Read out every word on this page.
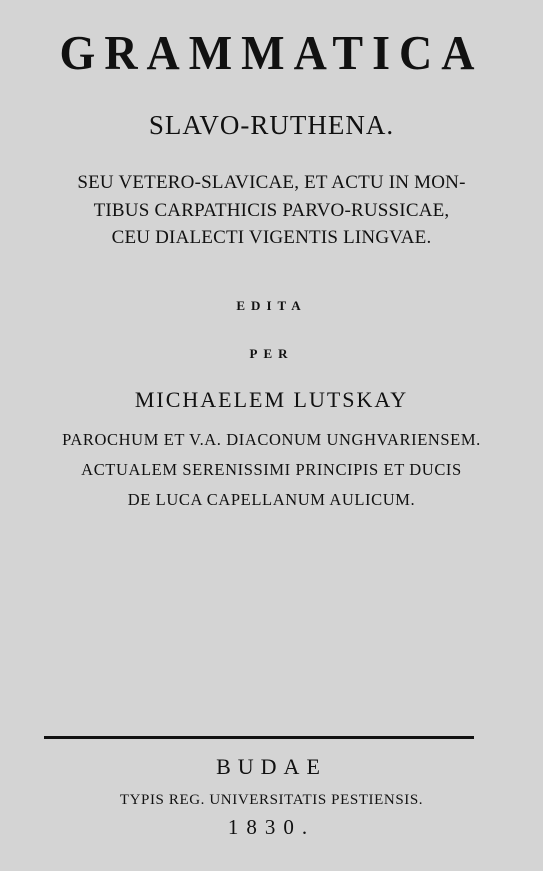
GRAMMATICA
SLAVO-RUTHENA.
SEU VETERO-SLAVICAE, ET ACTU IN MON-
TIBUS CARPATHICIS PARVO-RUSSICAE,
CEU DIALECTI VIGENTIS LINGVAE.
EDITA
PER
MICHAELEM LUTSKAY
PAROCHUM ET V.A. DIACONUM UNGHVARIENSEM.
ACTUALEM SERENISSIMI PRINCIPIS ET DUCIS
DE LUCA CAPELLANUM AULICUM.
BUDAE
TYPIS REG. UNIVERSITATIS PESTIENSIS.
1830.
